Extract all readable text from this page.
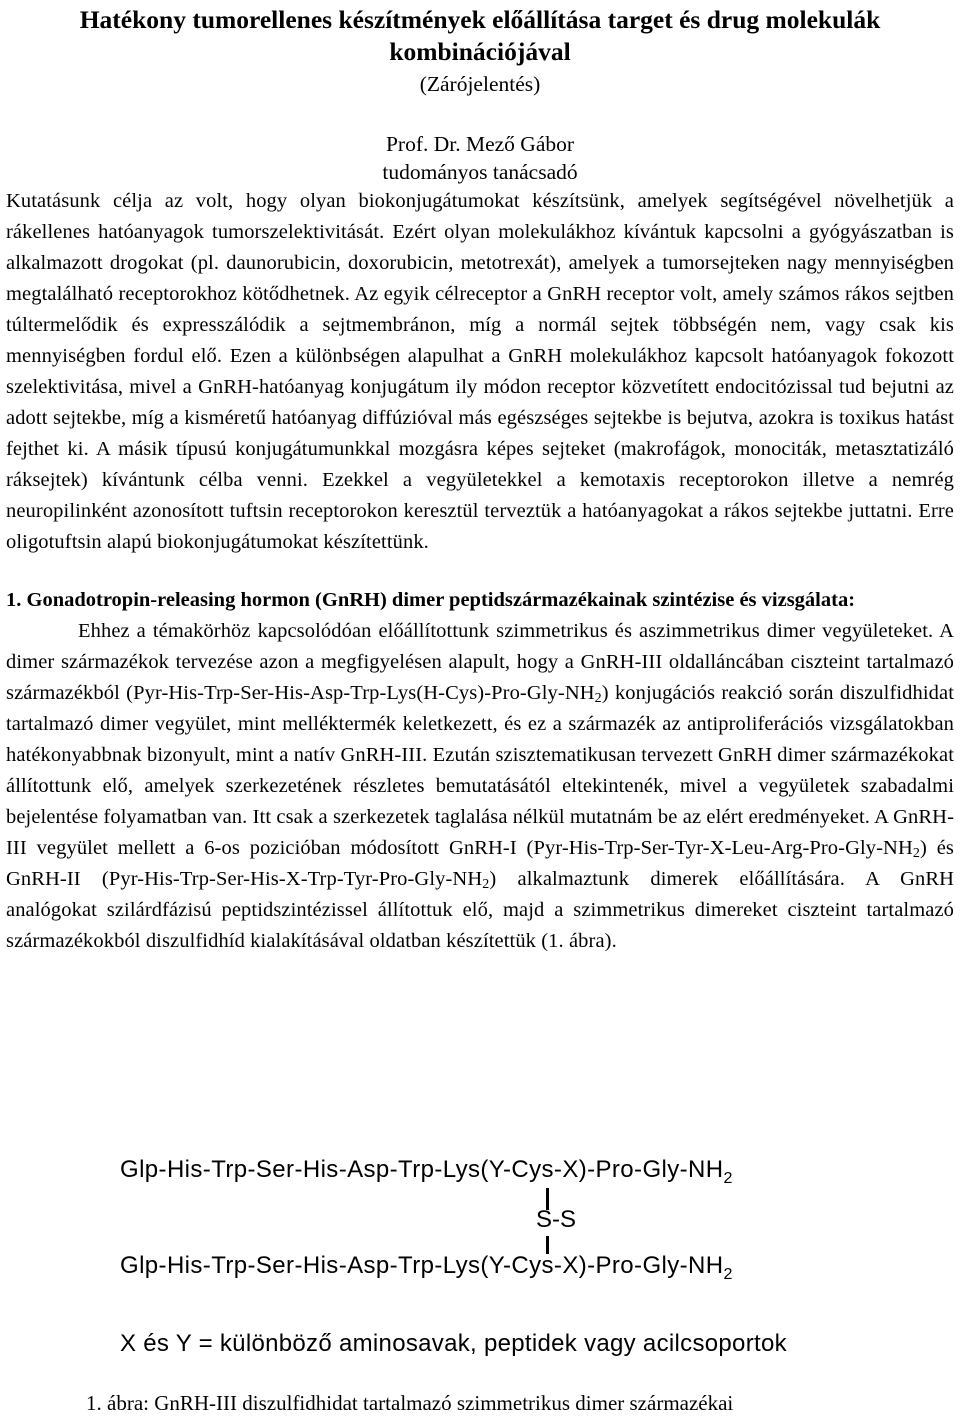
Hatékony tumorellenes készítmények előállítása target és drug molekulák kombinációjával
(Zárójelentés)
Prof. Dr. Mező Gábor
tudományos tanácsadó

Kutatásunk célja az volt, hogy olyan biokonjugátumokat készítsünk, amelyek segítségével növelhetjük a rákellenes hatóanyagok tumorszelektivitását. Ezért olyan molekulákhoz kívántuk kapcsolni a gyógyászatban is alkalmazott drogokat (pl. daunorubicin, doxorubicin, metotrexát), amelyek a tumorsejteken nagy mennyiségben megtalálható receptorokhoz kötődhetnek. Az egyik célreceptor a GnRH receptor volt, amely számos rákos sejtben túltermelődik és expresszálódik a sejtmembránon, míg a normál sejtek többségén nem, vagy csak kis mennyiségben fordul elő. Ezen a különbségen alapulhat a GnRH molekulákhoz kapcsolt hatóanyagok fokozott szelektivitása, mivel a GnRH-hatóanyag konjugátum ily módon receptor közvetített endocitózissal tud bejutni az adott sejtekbe, míg a kisméretű hatóanyag diffúzióval más egészséges sejtekbe is bejutva, azokra is toxikus hatást fejthet ki. A másik típusú konjugátumunkkal mozgásra képes sejteket (makrofágok, monociták, metasztatizáló ráksejtek) kívántunk célba venni. Ezekkel a vegyületekkel a kemotaxis receptorokon illetve a nemrég neuropilinként azonosított tuftsin receptorokon keresztül terveztük a hatóanyagokat a rákos sejtekbe juttatni. Erre oligotuftsin alapú biokonjugátumokat készítettünk.

1. Gonadotropin-releasing hormon (GnRH) dimer peptidszármazékainak szintézise és vizsgálata:

Ehhez a témakörhöz kapcsolódóan előállítottunk szimmetrikus és aszimmetrikus dimer vegyületeket. A dimer származékok tervezése azon a megfigyelésen alapult, hogy a GnRH-III oldalláncában ciszteint tartalmazó származékból $(Pyr-His-Trp-Ser-His-Asp-Trp-Lys(H-Cys)-Pro-Gly-NH_2)$ konjugációs reakció során diszulfidhidat tartalmazó dimer vegyület, mint melléktermék keletkezett, és ez a származék az antiproliferációs vizsgálatokban hatékonyabbnak bizonyult, mint a natív GnRH-III. Ezután szisztematikusan tervezett GnRH dimer származékokat állítottunk elő, amelyek szerkezetének részletes bemutatásától eltekintenék, mivel a vegyületek szabadalmi bejelentése folyamatban van. Itt csak a szerkezetek taglalása nélkül mutatnám be az elért eredményeket. A GnRH-III vegyület mellett a 6-os pozicióban módosított GnRH-I $(Pyr-His-Trp-Ser-Tyr-X-Leu-Arg-Pro-Gly-NH_2)$ és GnRH-II $(Pyr-His-Trp-Ser-His-X-Trp-Tyr-Pro-Gly-NH_2)$ alkalmaztunk dimerek előállítására. A GnRH analógokat szilárdfázisú peptidszintézissel állítottuk elő, majd a szimmetrikus dimereket ciszteint tartalmazó származékokból diszulfidhíd kialakításával oldatban készítettük (1. ábra).

Glp-$His-Trp-Ser-His-Asp-Trp-Lys(Y-Cys-X)-Pro-Gly-NH_2$
S-S
Glp-$His-Trp-Ser-His-Asp-Trp-Lys(Y-Cys-X)-Pro-Gly-NH_2$
X és Y = különböző aminosavak, peptidek vagy acilcsoportok
1. ábra: GnRH-III diszulfidhidat tartalmazó szimmetrikus dimer származékai
